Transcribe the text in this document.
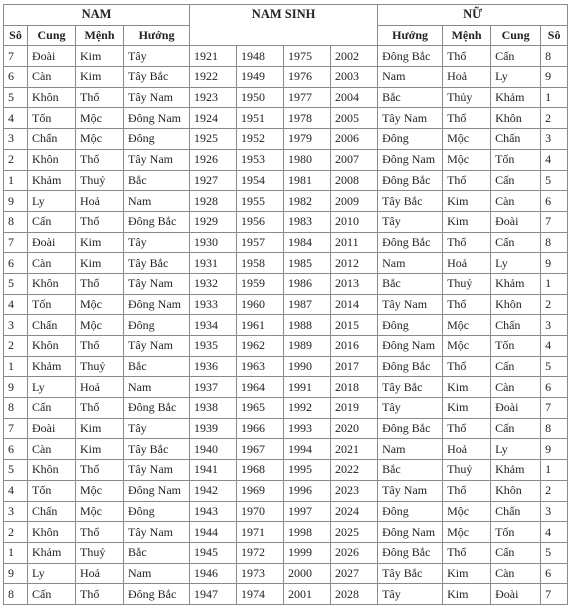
NAM				NAM SINH				NỮ			
Sô	Cung	Mệnh	Hướng					Hướng	Mệnh	Cung	Sô
7	Đoài	Kim	Tây	1921	1948	1975	2002	Đông Bắc	Thổ	Cấn	8
6	Càn	Kim	Tây Bắc	1922	1949	1976	2003	Nam	Hoả	Ly	9
5	Khôn	Thổ	Tây Nam	1923	1950	1977	2004	Bắc	Thủy	Khảm	1
4	Tốn	Mộc	Đông Nam	1924	1951	1978	2005	Tây Nam	Thổ	Khôn	2
3	Chấn	Mộc	Đông	1925	1952	1979	2006	Đông	Mộc	Chấn	3
2	Khôn	Thổ	Tây Nam	1926	1953	1980	2007	Đông Nam	Mộc	Tốn	4
1	Khảm	Thuỷ	Bắc	1927	1954	1981	2008	Đông Bắc	Thổ	Cấn	5
9	Ly	Hoả	Nam	1928	1955	1982	2009	Tây Bắc	Kim	Càn	6
8	Cấn	Thổ	Đông Bắc	1929	1956	1983	2010	Tây	Kim	Đoài	7
7	Đoài	Kim	Tây	1930	1957	1984	2011	Đông Bắc	Thổ	Cấn	8
6	Càn	Kim	Tây Bắc	1931	1958	1985	2012	Nam	Hoả	Ly	9
5	Khôn	Thổ	Tây Nam	1932	1959	1986	2013	Bắc	Thuỷ	Khảm	1
4	Tốn	Mộc	Đông Nam	1933	1960	1987	2014	Tây Nam	Thổ	Khôn	2
3	Chấn	Mộc	Đông	1934	1961	1988	2015	Đông	Mộc	Chấn	3
2	Khôn	Thổ	Tây Nam	1935	1962	1989	2016	Đông Nam	Mộc	Tốn	4
1	Khảm	Thuỷ	Bắc	1936	1963	1990	2017	Đông Bắc	Thổ	Cấn	5
9	Ly	Hoả	Nam	1937	1964	1991	2018	Tây Bắc	Kim	Càn	6
8	Cấn	Thổ	Đông Bắc	1938	1965	1992	2019	Tây	Kim	Đoài	7
7	Đoài	Kim	Tây	1939	1966	1993	2020	Đông Bắc	Thổ	Cấn	8
6	Càn	Kim	Tây Bắc	1940	1967	1994	2021	Nam	Hoả	Ly	9
5	Khôn	Thổ	Tây Nam	1941	1968	1995	2022	Bắc	Thuỷ	Khảm	1
4	Tốn	Mộc	Đông Nam	1942	1969	1996	2023	Tây Nam	Thổ	Khôn	2
3	Chấn	Mộc	Đông	1943	1970	1997	2024	Đông	Mộc	Chấn	3
2	Khôn	Thổ	Tây Nam	1944	1971	1998	2025	Đông Nam	Mộc	Tốn	4
1	Khảm	Thuỷ	Bắc	1945	1972	1999	2026	Đông Bắc	Thổ	Cấn	5
9	Ly	Hoả	Nam	1946	1973	2000	2027	Tây Bắc	Kim	Càn	6
8	Cấn	Thổ	Đông Bắc	1947	1974	2001	2028	Tây	Kim	Đoài	7
